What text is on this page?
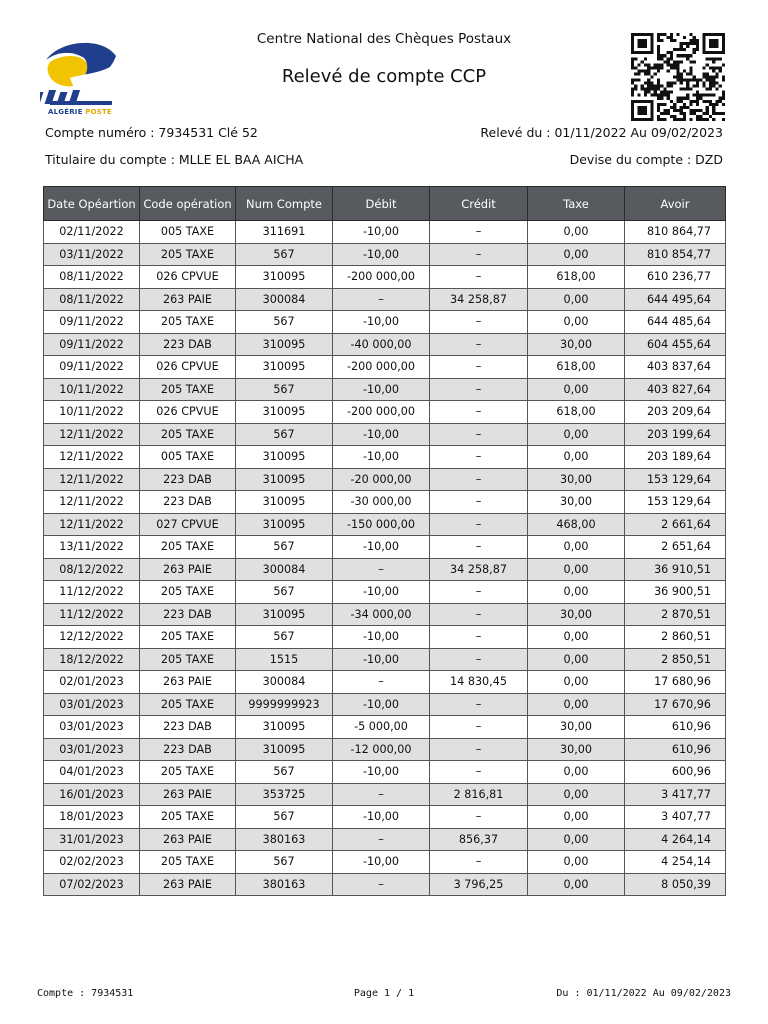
ALGÉRIE POSTE
Centre National des Chèques Postaux
Relevé de compte CCP
Compte numéro : 7934531 Clé 52	Relevé du : 01/11/2022 Au 09/02/2023
Titulaire du compte : MLLE EL BAA AICHA	Devise du compte : DZD
Date Opéartion	Code opération	Num Compte	Débit	Crédit	Taxe	Avoir
02/11/2022	005 TAXE	311691	-10,00	–	0,00	810 864,77
03/11/2022	205 TAXE	567	-10,00	–	0,00	810 854,77
08/11/2022	026 CPVUE	310095	-200 000,00	–	618,00	610 236,77
08/11/2022	263 PAIE	300084	–	34 258,87	0,00	644 495,64
09/11/2022	205 TAXE	567	-10,00	–	0,00	644 485,64
09/11/2022	223 DAB	310095	-40 000,00	–	30,00	604 455,64
09/11/2022	026 CPVUE	310095	-200 000,00	–	618,00	403 837,64
10/11/2022	205 TAXE	567	-10,00	–	0,00	403 827,64
10/11/2022	026 CPVUE	310095	-200 000,00	–	618,00	203 209,64
12/11/2022	205 TAXE	567	-10,00	–	0,00	203 199,64
12/11/2022	005 TAXE	310095	-10,00	–	0,00	203 189,64
12/11/2022	223 DAB	310095	-20 000,00	–	30,00	153 129,64
12/11/2022	223 DAB	310095	-30 000,00	–	30,00	153 129,64
12/11/2022	027 CPVUE	310095	-150 000,00	–	468,00	2 661,64
13/11/2022	205 TAXE	567	-10,00	–	0,00	2 651,64
08/12/2022	263 PAIE	300084	–	34 258,87	0,00	36 910,51
11/12/2022	205 TAXE	567	-10,00	–	0,00	36 900,51
11/12/2022	223 DAB	310095	-34 000,00	–	30,00	2 870,51
12/12/2022	205 TAXE	567	-10,00	–	0,00	2 860,51
18/12/2022	205 TAXE	1515	-10,00	–	0,00	2 850,51
02/01/2023	263 PAIE	300084	–	14 830,45	0,00	17 680,96
03/01/2023	205 TAXE	9999999923	-10,00	–	0,00	17 670,96
03/01/2023	223 DAB	310095	-5 000,00	–	30,00	610,96
03/01/2023	223 DAB	310095	-12 000,00	–	30,00	610,96
04/01/2023	205 TAXE	567	-10,00	–	0,00	600,96
16/01/2023	263 PAIE	353725	–	2 816,81	0,00	3 417,77
18/01/2023	205 TAXE	567	-10,00	–	0,00	3 407,77
31/01/2023	263 PAIE	380163	–	856,37	0,00	4 264,14
02/02/2023	205 TAXE	567	-10,00	–	0,00	4 254,14
07/02/2023	263 PAIE	380163	–	3 796,25	0,00	8 050,39
Compte : 7934531	Page 1 / 1	Du : 01/11/2022 Au 09/02/2023
